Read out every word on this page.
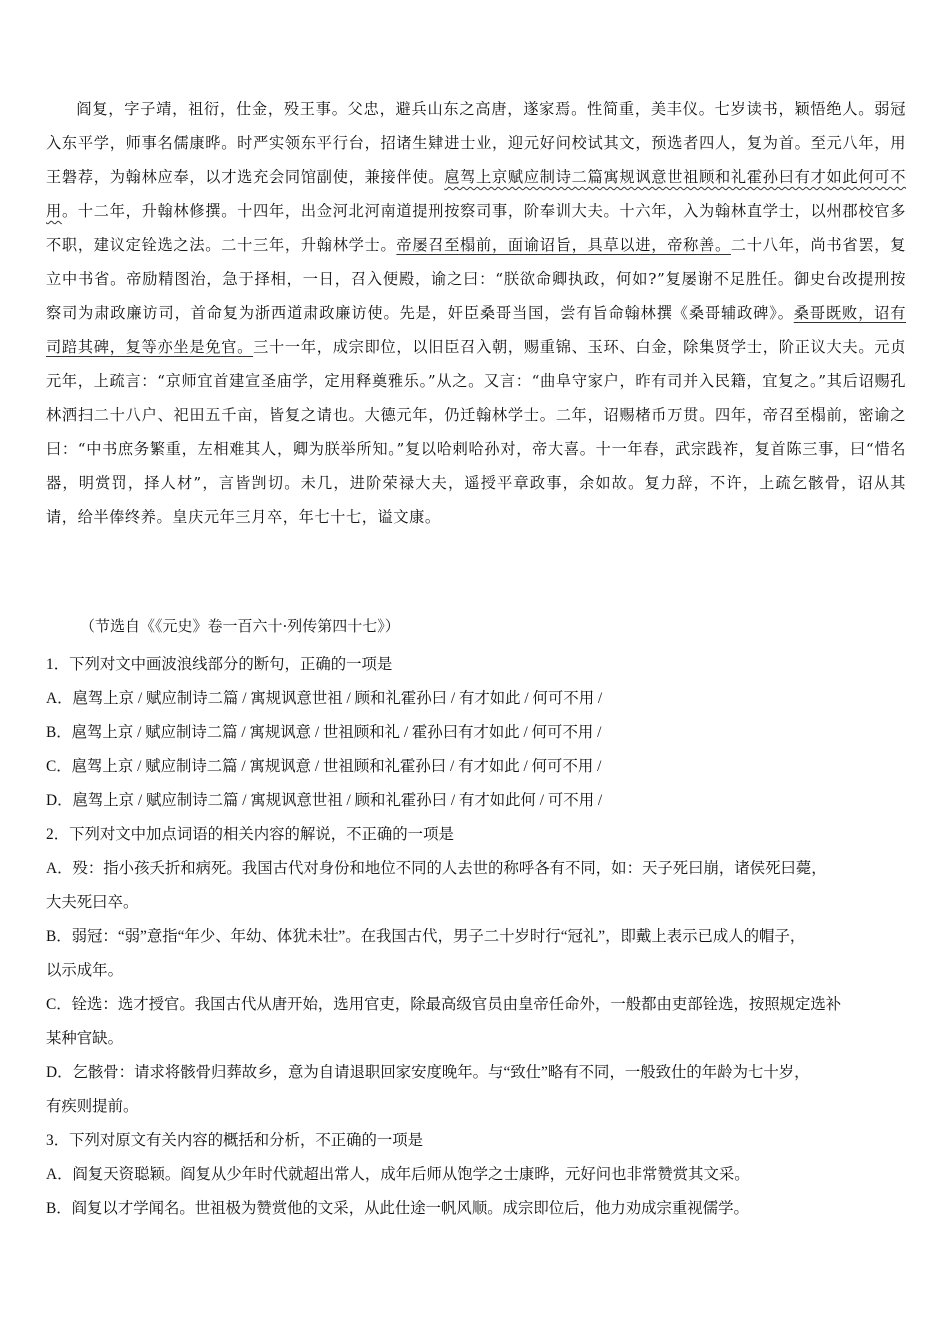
阎复，字子靖，祖衍，仕金，殁王事。父忠，避兵山东之高唐，遂家焉。性简重，美丰仪。七岁读书，颖悟绝人。弱冠入东平学，师事名儒康晔。时严实领东平行台，招诸生肄进士业，迎元好问校试其文，预选者四人，复为首。至元八年，用王磐荐，为翰林应奉，以才选充会同馆副使，兼接伴使。扈驾上京赋应制诗二篇寓规讽意世祖顾和礼霍孙曰有才如此何可不用。十二年，升翰林修撰。十四年，出佥河北河南道提刑按察司事，阶奉训大夫。十六年，入为翰林直学士，以州郡校官多不职，建议定铨选之法。二十三年，升翰林学士。帝屡召至榻前，面谕诏旨，具草以进，帝称善。二十八年，尚书省罢，复立中书省。帝励精图治，急于择相，一日，召入便殿，谕之曰：“朕欲命卿执政，何如?”复屡谢不足胜任。御史台改提刑按察司为肃政廉访司，首命复为浙西道肃政廉访使。先是，奸臣桑哥当国，尝有旨命翰林撰《桑哥辅政碑》。桑哥既败，诏有司踣其碑，复等亦坐是免官。三十一年，成宗即位，以旧臣召入朝，赐重锦、玉环、白金，除集贤学士，阶正议大夫。元贞元年，上疏言：“京师宜首建宣圣庙学，定用释奠雅乐。”从之。又言：“曲阜守家户，昨有司并入民籍，宜复之。”其后诏赐孔林洒扫二十八户、祀田五千亩，皆复之请也。大德元年，仍迁翰林学士。二年，诏赐楮币万贯。四年，帝召至榻前，密谕之曰：“中书庶务繁重，左相难其人，卿为朕举所知。”复以哈剌哈孙对，帝大喜。十一年春，武宗践祚，复首陈三事，曰“惜名器，明赏罚，择人材”，言皆剀切。未几，进阶荣禄大夫，遥授平章政事，余如故。复力辞，不许，上疏乞骸骨，诏从其请，给半俸终养。皇庆元年三月卒，年七十七，谥文康。
（节选自《《元史》卷一百六十·列传第四十七》）
1．下列对文中画波浪线部分的断句，正确的一项是
A．扈驾上京 / 赋应制诗二篇 / 寓规讽意世祖 / 顾和礼霍孙曰 / 有才如此 / 何可不用 /
B．扈驾上京 / 赋应制诗二篇 / 寓规讽意 / 世祖顾和礼 / 霍孙曰有才如此 / 何可不用 /
C．扈驾上京 / 赋应制诗二篇 / 寓规讽意 / 世祖顾和礼霍孙曰 / 有才如此 / 何可不用 /
D．扈驾上京 / 赋应制诗二篇 / 寓规讽意世祖 / 顾和礼霍孙曰 / 有才如此何 / 可不用 /
2．下列对文中加点词语的相关内容的解说，不正确的一项是
A．殁：指小孩夭折和病死。我国古代对身份和地位不同的人去世的称呼各有不同，如：天子死曰崩，诸侯死曰薨，
大夫死曰卒。
B．弱冠：“弱”意指“年少、年幼、体犹未壮”。在我国古代，男子二十岁时行“冠礼”，即戴上表示已成人的帽子，
以示成年。
C．铨选：选才授官。我国古代从唐开始，选用官吏，除最高级官员由皇帝任命外，一般都由吏部铨选，按照规定选补
某种官缺。
D．乞骸骨：请求将骸骨归葬故乡，意为自请退职回家安度晚年。与“致仕”略有不同，一般致仕的年龄为七十岁，
有疾则提前。
3．下列对原文有关内容的概括和分析，不正确的一项是
A．阎复天资聪颖。阎复从少年时代就超出常人，成年后师从饱学之士康晔，元好问也非常赞赏其文采。
B．阎复以才学闻名。世祖极为赞赏他的文采，从此仕途一帆风顺。成宗即位后，他力劝成宗重视儒学。
